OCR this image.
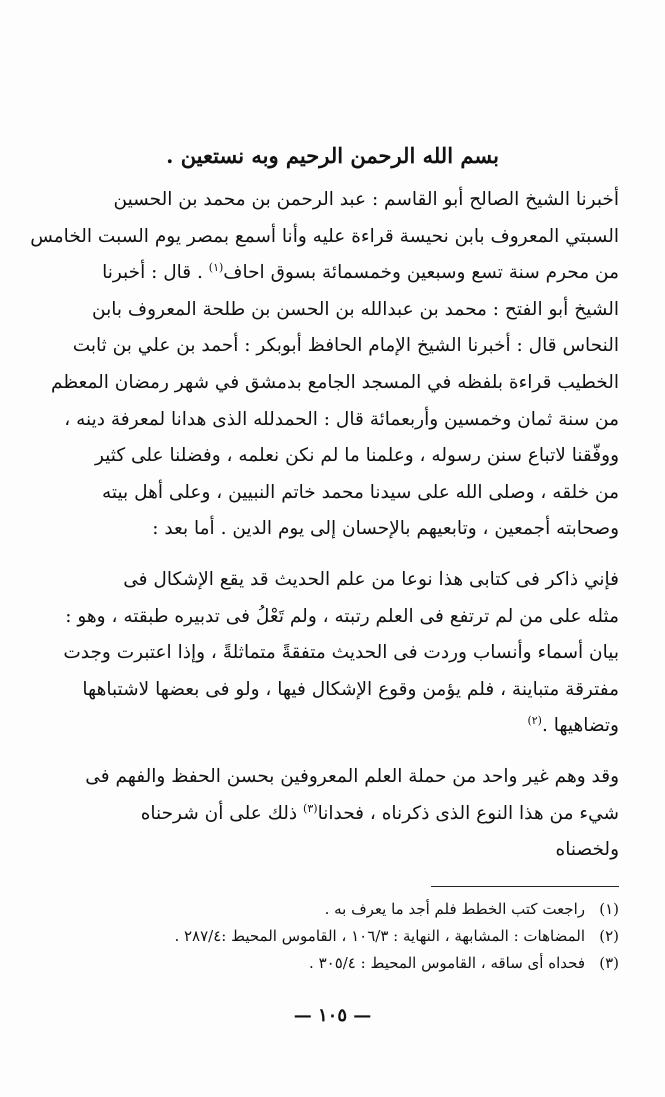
بسم الله الرحمن الرحيم وبه نستعين .

أخبرنا الشيخ الصالح أبو القاسم : عبد الرحمن بن محمد بن الحسين
السبتي المعروف بابن نحيسة قراءة عليه وأنا أسمع بمصر يوم السبت الخامس
من محرم سنة تسع وسبعين وخمسمائة بسوق احاف$^{(١)}$ . قال : أخبرنا
الشيخ أبو الفتح : محمد بن عبدالله بن الحسن بن طلحة المعروف بابن
النحاس قال : أخبرنا الشيخ الإمام الحافظ أبوبكر : أحمد بن علي بن ثابت
الخطيب قراءة بلفظه في المسجد الجامع بدمشق في شهر رمضان المعظم
من سنة ثمان وخمسين وأربعمائة قال : الحمدلله الذى هدانا لمعرفة دينه ،
ووفّقنا لاتباع سنن رسوله ، وعلمنا ما لم نكن نعلمه ، وفضلنا على كثير
من خلقه ، وصلى الله على سيدنا محمد خاتم النبيين ، وعلى أهل بيته
وصحابته أجمعين ، وتابعيهم بالإحسان إلى يوم الدين . أما بعد :

فإني ذاكر فى كتابى هذا نوعا من علم الحديث قد يقع الإشكال فى
مثله على من لم ترتفع فى العلم رتبته ، ولم تَعْلُ فى تدبيره طبقته ، وهو :
بيان أسماء وأنساب وردت فى الحديث متفقةً متماثلةً ، وإذا اعتبرت وجدت
مفترقة متباينة ، فلم يؤمن وقوع الإشكال فيها ، ولو فى بعضها لاشتباهها
وتضاهيها .$^{(٢)}$

وقد وهم غير واحد من حملة العلم المعروفين بحسن الحفظ والفهم فى
شيء من هذا النوع الذى ذكرناه ، فحدانا$^{(٣)}$ ذلك على أن شرحناه
ولخصناه

(١)راجعت كتب الخطط فلم أجد ما يعرف به .
(٢)المضاهات : المشابهة ، النهاية : ١٠٦/٣ ، القاموس المحيط :٢٨٧/٤ .
(٣)فحداه أى ساقه ، القاموس المحيط : ٣٠٥/٤ .
— ١٠٥ —
